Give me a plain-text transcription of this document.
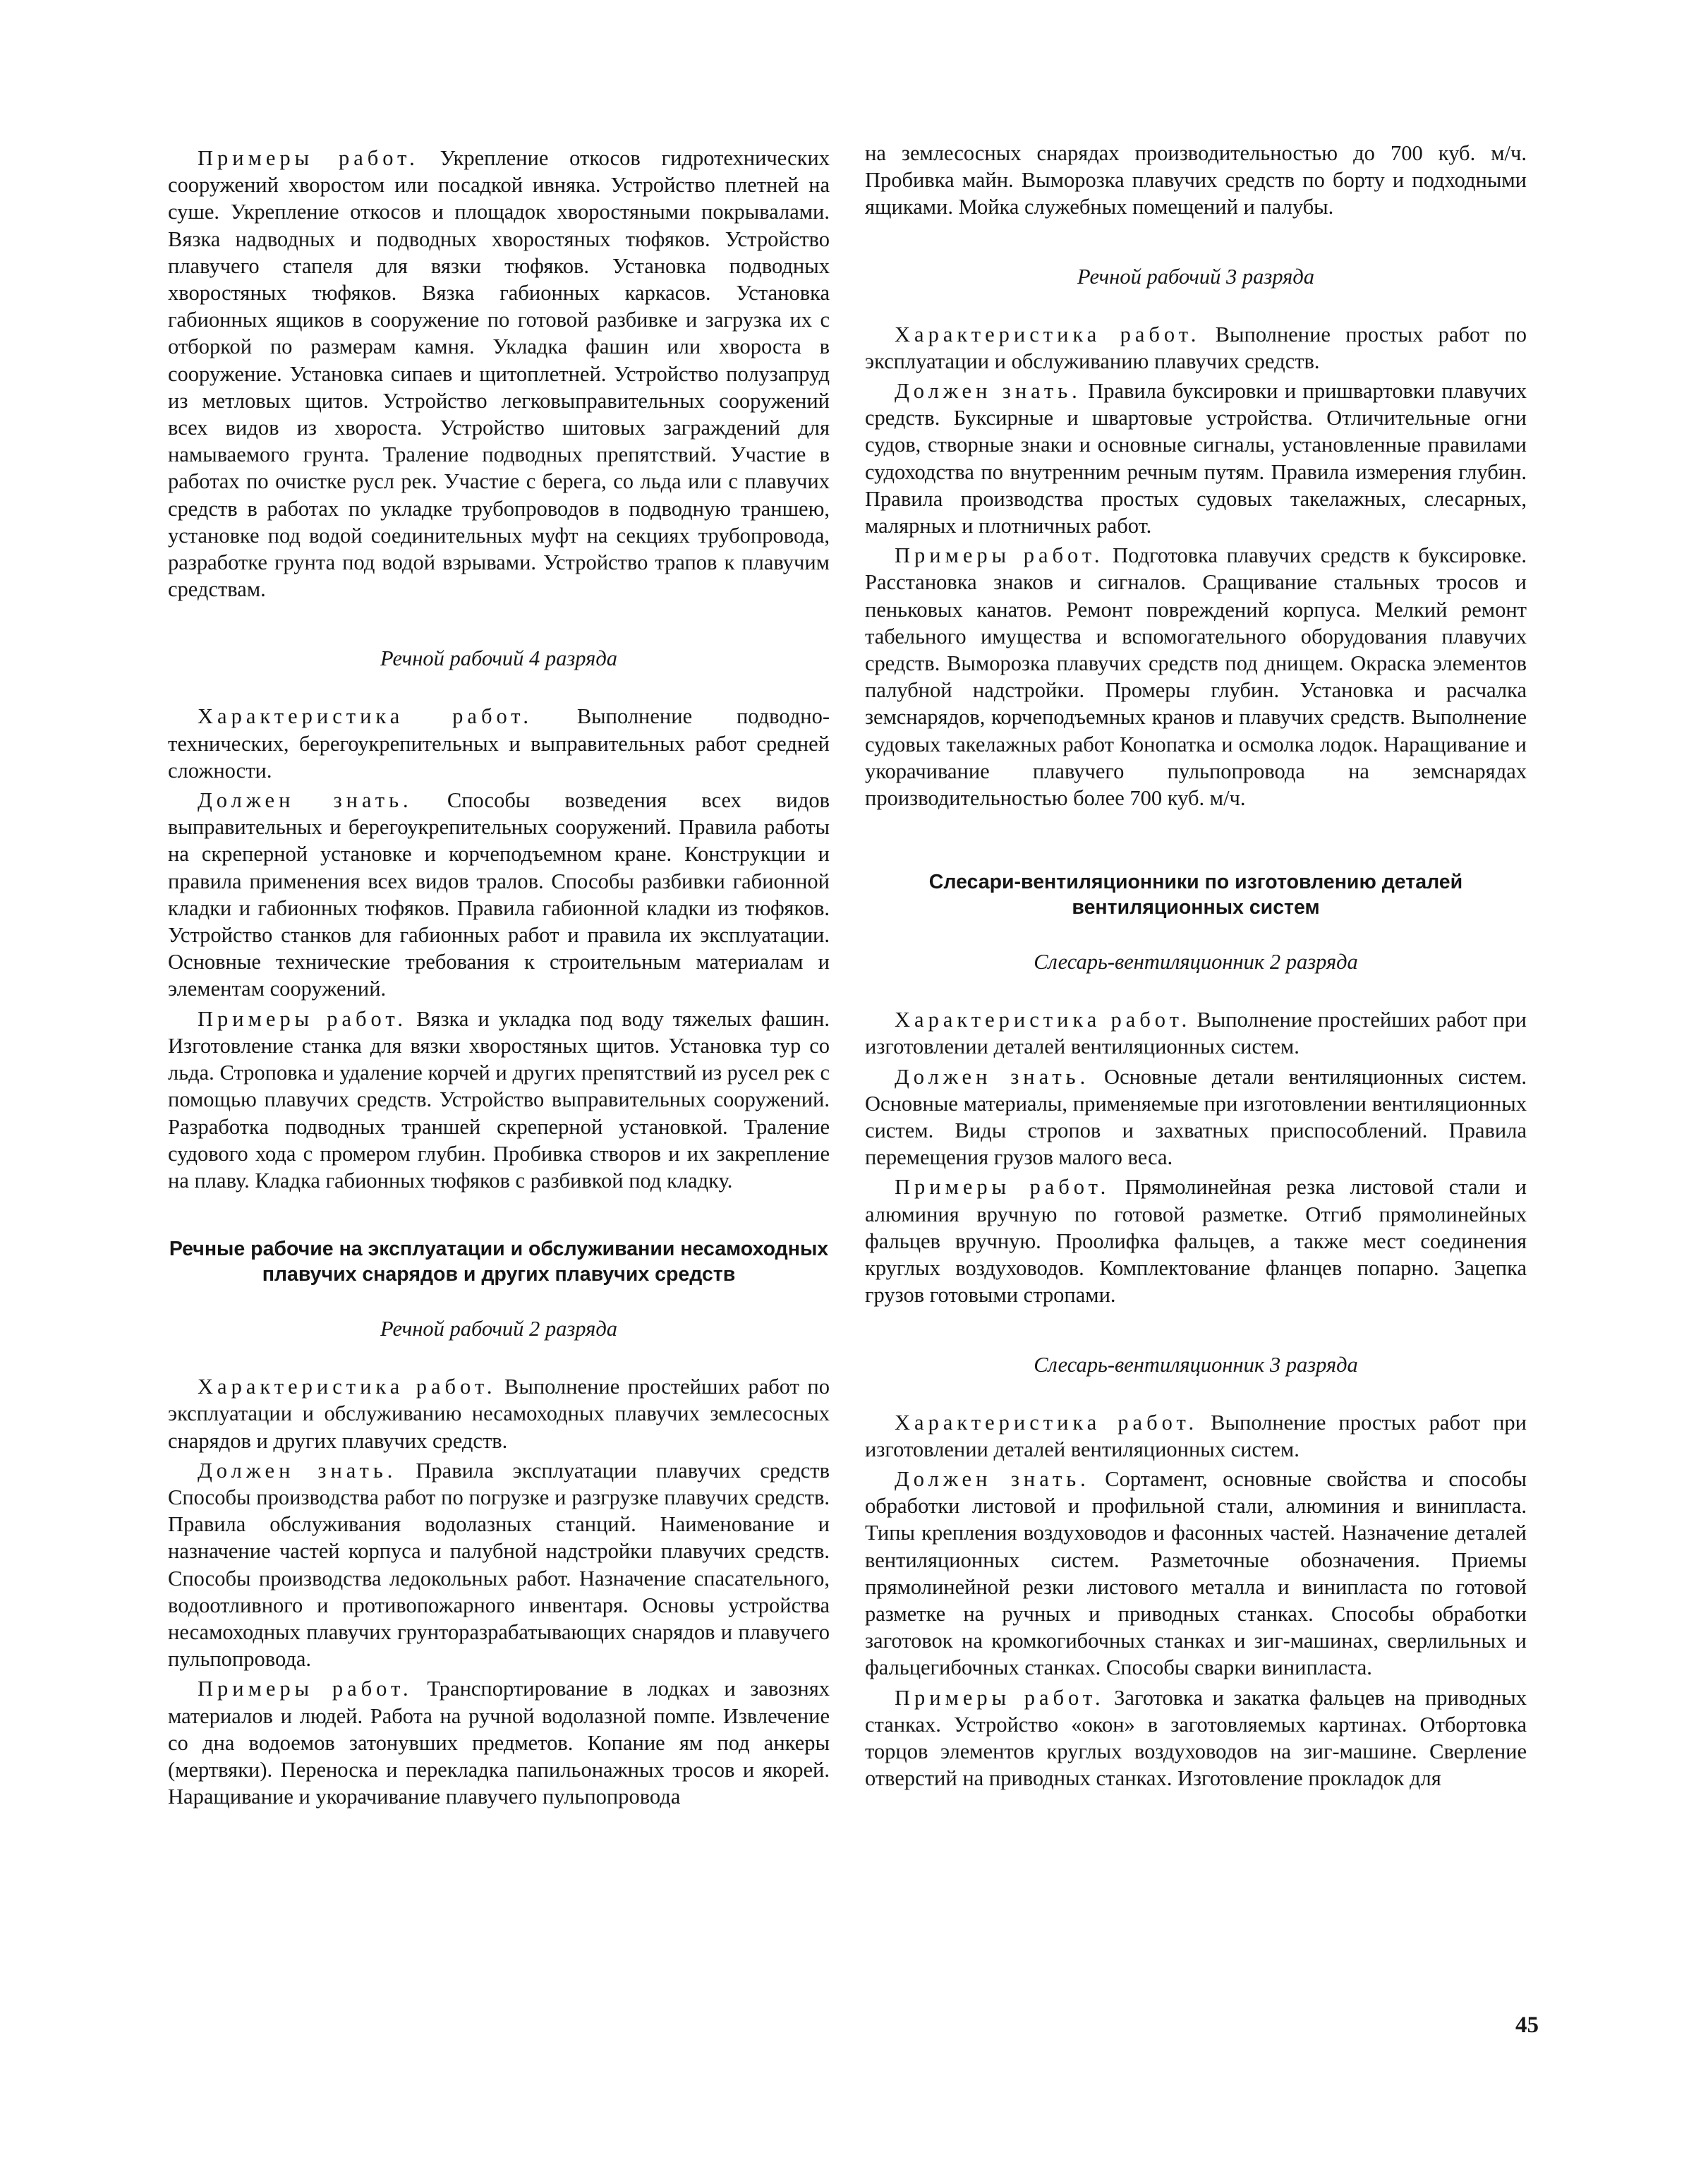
Примеры работ. Укрепление откосов гидротехнических сооружений хворостом или посадкой ивняка. Устройство плетней на суше. Укрепление откосов и площадок хворостяными покрывалами. Вязка надводных и подводных хворостяных тюфяков. Устройство плавучего стапеля для вязки тюфяков. Установка подводных хворостяных тюфяков. Вязка габионных каркасов. Установка габионных ящиков в сооружение по готовой разбивке и загрузка их с отборкой по размерам камня. Укладка фашин или хвороста в сооружение. Установка сипаев и щитоплетней. Устройство полузапруд из метловых щитов. Устройство легковыправительных сооружений всех видов из хвороста. Устройство шитовых заграждений для намываемого грунта. Траление подводных препятствий. Участие в работах по очистке русл рек. Участие с берега, со льда или с плавучих средств в работах по укладке трубопроводов в подводную траншею, установке под водой соединительных муфт на секциях трубопровода, разработке грунта под водой взрывами. Устройство трапов к плавучим средствам.

Речной рабочий 4 разряда

Характеристика работ. Выполнение подводно-технических, берегоукрепительных и выправительных работ средней сложности.

Должен знать. Способы возведения всех видов выправительных и берегоукрепительных сооружений. Правила работы на скреперной установке и корчеподъемном кране. Конструкции и правила применения всех видов тралов. Способы разбивки габионной кладки и габионных тюфяков. Правила габионной кладки из тюфяков. Устройство станков для габионных работ и правила их эксплуатации. Основные технические требования к строительным материалам и элементам сооружений.

Примеры работ. Вязка и укладка под воду тяжелых фашин. Изготовление станка для вязки хворостяных щитов. Установка тур со льда. Строповка и удаление корчей и других препятствий из русел рек с помощью плавучих средств. Устройство выправительных сооружений. Разработка подводных траншей скреперной установкой. Траление судового хода с промером глубин. Пробивка створов и их закрепление на плаву. Кладка габионных тюфяков с разбивкой под кладку.

Речные рабочие на эксплуатации и обслуживании несамоходных плавучих снарядов и других плавучих средств
Речной рабочий 2 разряда

Характеристика работ. Выполнение простейших работ по эксплуатации и обслуживанию несамоходных плавучих землесосных снарядов и других плавучих средств.

Должен знать. Правила эксплуатации плавучих средств Способы производства работ по погрузке и разгрузке плавучих средств. Правила обслуживания водолазных станций. Наименование и назначение частей корпуса и палубной надстройки плавучих средств. Способы производства ледокольных работ. Назначение спасательного, водоотливного и противопожарного инвентаря. Основы устройства несамоходных плавучих грунторазрабатывающих снарядов и плавучего пульпопровода.

Примеры работ. Транспортирование в лодках и завознях материалов и людей. Работа на ручной водолазной помпе. Извлечение со дна водоемов затонувших предметов. Копание ям под анкеры (мертвяки). Переноска и перекладка папильонажных тросов и якорей. Наращивание и укорачивание плавучего пульпопровода

на землесосных снарядах производительностью до 700 куб. м/ч. Пробивка майн. Выморозка плавучих средств по борту и подходными ящиками. Мойка служебных помещений и палубы.

Речной рабочий 3 разряда

Характеристика работ. Выполнение простых работ по эксплуатации и обслуживанию плавучих средств.

Должен знать. Правила буксировки и пришвартовки плавучих средств. Буксирные и швартовые устройства. Отличительные огни судов, створные знаки и основные сигналы, установленные правилами судоходства по внутренним речным путям. Правила измерения глубин. Правила производства простых судовых такелажных, слесарных, малярных и плотничных работ.

Примеры работ. Подготовка плавучих средств к буксировке. Расстановка знаков и сигналов. Сращивание стальных тросов и пеньковых канатов. Ремонт повреждений корпуса. Мелкий ремонт табельного имущества и вспомогательного оборудования плавучих средств. Выморозка плавучих средств под днищем. Окраска элементов палубной надстройки. Промеры глубин. Установка и расчалка земснарядов, корчеподъемных кранов и плавучих средств. Выполнение судовых такелажных работ Конопатка и осмолка лодок. Наращивание и укорачивание плавучего пульпопровода на земснарядах производительностью более 700 куб. м/ч.

Слесари-вентиляционники по изготовлению деталей вентиляционных систем
Слесарь-вентиляционник 2 разряда

Характеристика работ. Выполнение простейших работ при изготовлении деталей вентиляционных систем.

Должен знать. Основные детали вентиляционных систем. Основные материалы, применяемые при изготовлении вентиляционных систем. Виды стропов и захватных приспособлений. Правила перемещения грузов малого веса.

Примеры работ. Прямолинейная резка листовой стали и алюминия вручную по готовой разметке. Отгиб прямолинейных фальцев вручную. Проолифка фальцев, а также мест соединения круглых воздуховодов. Комплектование фланцев попарно. Зацепка грузов готовыми стропами.

Слесарь-вентиляционник 3 разряда

Характеристика работ. Выполнение простых работ при изготовлении деталей вентиляционных систем.

Должен знать. Сортамент, основные свойства и способы обработки листовой и профильной стали, алюминия и винипласта. Типы крепления воздуховодов и фасонных частей. Назначение деталей вентиляционных систем. Разметочные обозначения. Приемы прямолинейной резки листового металла и винипласта по готовой разметке на ручных и приводных станках. Способы обработки заготовок на кромкогибочных станках и зиг-машинах, сверлильных и фальцегибочных станках. Способы сварки винипласта.

Примеры работ. Заготовка и закатка фальцев на приводных станках. Устройство «окон» в заготовляемых картинах. Отбортовка торцов элементов круглых воздуховодов на зиг-машине. Сверление отверстий на приводных станках. Изготовление прокладок для

45
